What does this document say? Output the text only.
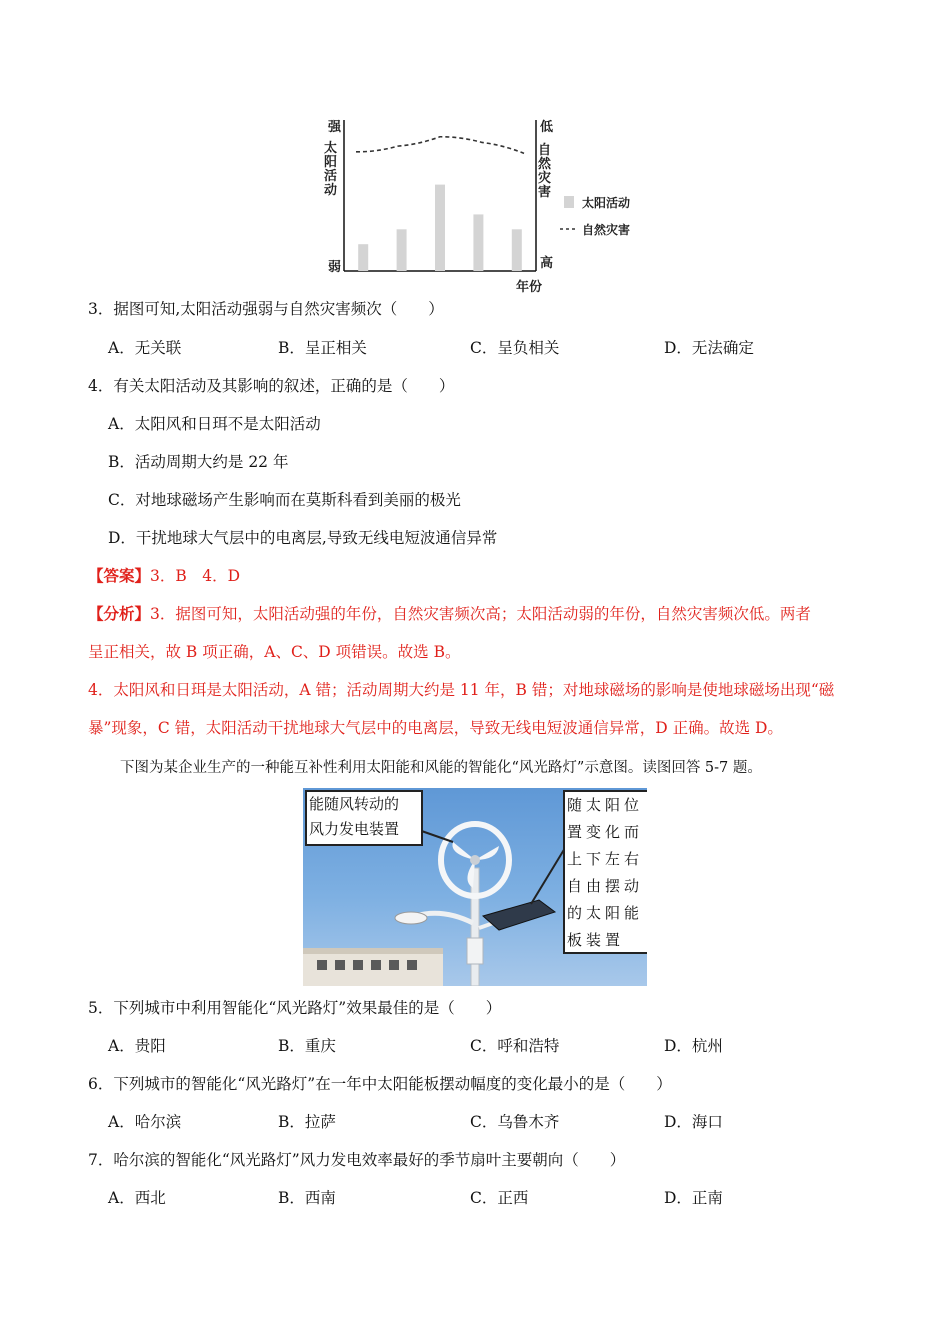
强
太阳活动
弱
低
自然灾害
高
年份
太阳活动
自然灾害
3．据图可知,太阳活动强弱与自然灾害频次（　　）
A．无关联	B．呈正相关	C．呈负相关	D．无法确定
4．有关太阳活动及其影响的叙述，正确的是（　　）
A．太阳风和日珥不是太阳活动
B．活动周期大约是 22 年
C．对地球磁场产生影响而在莫斯科看到美丽的极光
D．干扰地球大气层中的电离层,导致无线电短波通信异常
【答案】3．B　4．D
【分析】3．据图可知，太阳活动强的年份，自然灾害频次高；太阳活动弱的年份，自然灾害频次低。两者
呈正相关，故 B 项正确，A、C、D 项错误。故选 B。
4．太阳风和日珥是太阳活动，A 错；活动周期大约是 11 年，B 错；对地球磁场的影响是使地球磁场出现“磁
暴”现象，C 错，太阳活动干扰地球大气层中的电离层，导致无线电短波通信异常，D 正确。故选 D。
下图为某企业生产的一种能互补性利用太阳能和风能的智能化“风光路灯”示意图。读图回答 5-7 题。
能随风转动的
风力发电装置
随太阳位
置变化而
上下左右
自由摆动
的太阳能
板装置
5．下列城市中利用智能化“风光路灯”效果最佳的是（　　）
A．贵阳	B．重庆	C．呼和浩特	D．杭州
6．下列城市的智能化“风光路灯”在一年中太阳能板摆动幅度的变化最小的是（　　）
A．哈尔滨	B．拉萨	C．乌鲁木齐	D．海口
7．哈尔滨的智能化“风光路灯”风力发电效率最好的季节扇叶主要朝向（　　）
A．西北	B．西南	C．正西	D．正南
